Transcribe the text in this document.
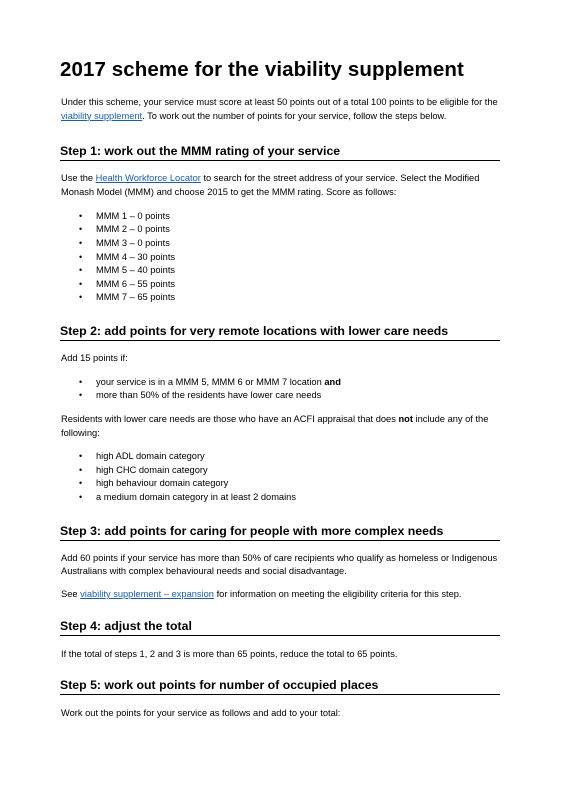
2017 scheme for the viability supplement

Under this scheme, your service must score at least 50 points out of a total 100 points to be eligible for the viability supplement. To work out the number of points for your service, follow the steps below.

Step 1: work out the MMM rating of your service

Use the Health Workforce Locator to search for the street address of your service. Select the Modified Monash Model (MMM) and choose 2015 to get the MMM rating. Score as follows:

• MMM 1 – 0 points
• MMM 2 – 0 points
• MMM 3 – 0 points
• MMM 4 – 30 points
• MMM 5 – 40 points
• MMM 6 – 55 points
• MMM 7 – 65 points
Step 2: add points for very remote locations with lower care needs

Add 15 points if:

• your service is in a MMM 5, MMM 6 or MMM 7 location and
• more than 50% of the residents have lower care needs

Residents with lower care needs are those who have an ACFI appraisal that does not include any of the following:

• high ADL domain category
• high CHC domain category
• high behaviour domain category
• a medium domain category in at least 2 domains
Step 3: add points for caring for people with more complex needs

Add 60 points if your service has more than 50% of care recipients who qualify as homeless or Indigenous Australians with complex behavioural needs and social disadvantage.

See viability supplement – expansion for information on meeting the eligibility criteria for this step.

Step 4: adjust the total

If the total of steps 1, 2 and 3 is more than 65 points, reduce the total to 65 points.

Step 5: work out points for number of occupied places

Work out the points for your service as follows and add to your total:
